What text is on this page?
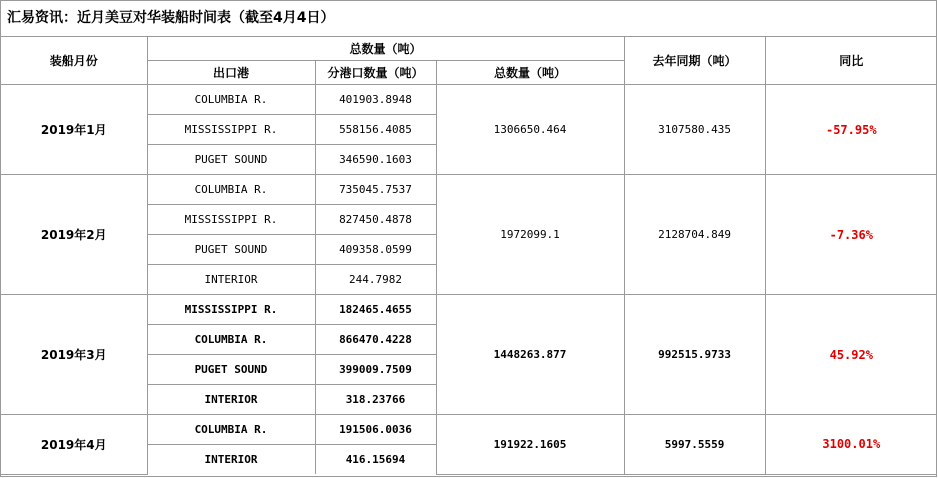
汇易资讯：近月美豆对华装船时间表（截至4月4日）
装船月份	总数量（吨）			去年同期（吨）	同比
	出口港	分港口数量（吨）	总数量（吨）		
2019年1月	COLUMBIA R.	401903.8948	1306650.464	3107580.435	-57.95%
	MISSISSIPPI R.	558156.4085			
	PUGET SOUND	346590.1603			
2019年2月	COLUMBIA R.	735045.7537	1972099.1	2128704.849	-7.36%
	MISSISSIPPI R.	827450.4878			
	PUGET SOUND	409358.0599			
	INTERIOR	244.7982			
2019年3月	MISSISSIPPI R.	182465.4655	1448263.877	992515.9733	45.92%
	COLUMBIA R.	866470.4228			
	PUGET SOUND	399009.7509			
	INTERIOR	318.23766			
2019年4月	COLUMBIA R.	191506.0036	191922.1605	5997.5559	3100.01%
	INTERIOR	416.15694			
